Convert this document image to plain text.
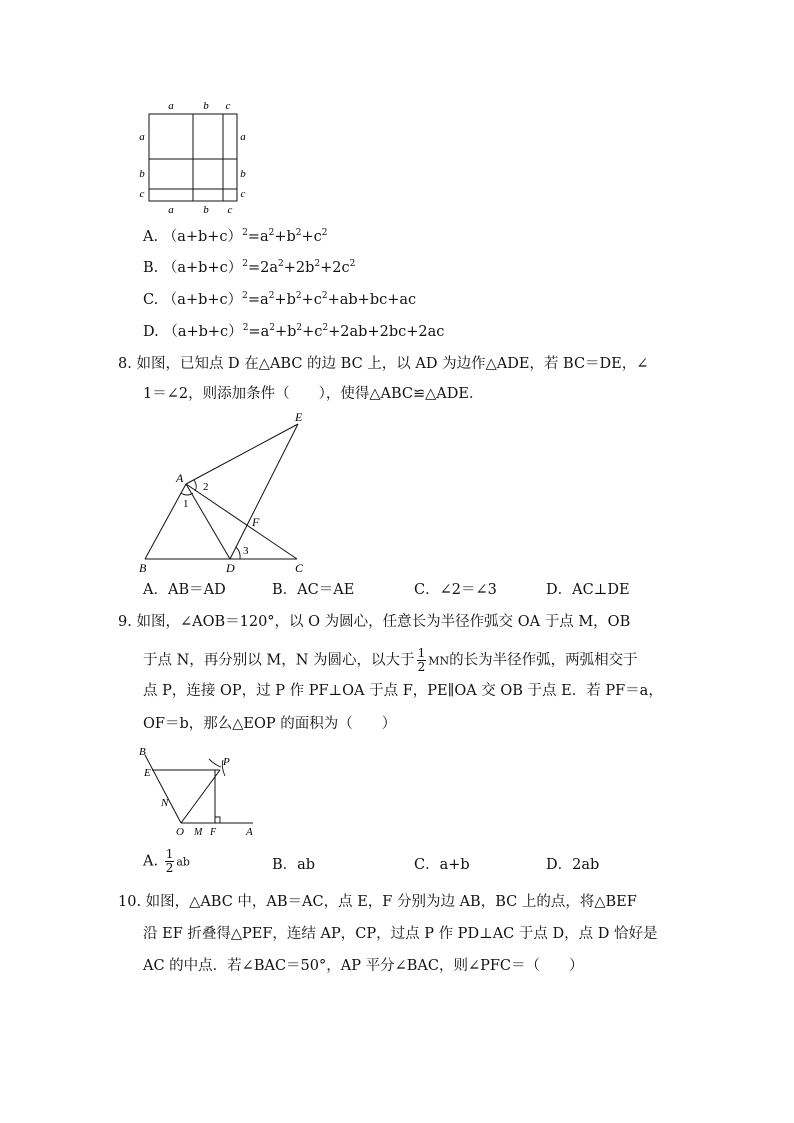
a	b c
a	b c
a
b
c
a
b
c
A. $(a+b+c)^2=a^2+b^2+c^2$
B. $(a+b+c)^2=2a^2+2b^2+2c^2$
C. $(a+b+c)^2=a^2+b^2+c^2+ab+bc+ac$
D. $(a+b+c)^2=a^2+b^2+c^2+2ab+2bc+2ac$
8. 如图，已知点 D 在△ABC 的边 BC 上，以 AD 为边作△ADE，若 BC＝DE，∠
1＝∠2，则添加条件（　　），使得△ABC≌△ADE．
A
B	C
D
E
F
1
2
3
A．AB＝AD	B．AC＝AE	C．∠2＝∠3	D．AC⊥DE
9. 如图，∠AOB＝120°，以 O 为圆心，任意长为半径作弧交 OA 于点 M，OB
于点 N，再分别以 M，N 为圆心，以大于 $\frac{1}{2}$ MN的长为半径作弧，两弧相交于
点 P，连接 OP，过 P 作 PF⊥OA 于点 F，PE∥OA 交 OB 于点 E．若 PF＝a，
OF＝b，那么△EOP 的面积为（　　）
B
E
N
O M F	A
P
A. $\frac{1}{2}$ ab	B．ab	C．a+b	D．2ab
10. 如图，△ABC 中，AB＝AC，点 E，F 分别为边 AB，BC 上的点，将△BEF
沿 EF 折叠得△PEF，连结 AP，CP，过点 P 作 PD⊥AC 于点 D，点 D 恰好是
AC 的中点．若∠BAC＝50°，AP 平分∠BAC，则∠PFC＝（　　）
